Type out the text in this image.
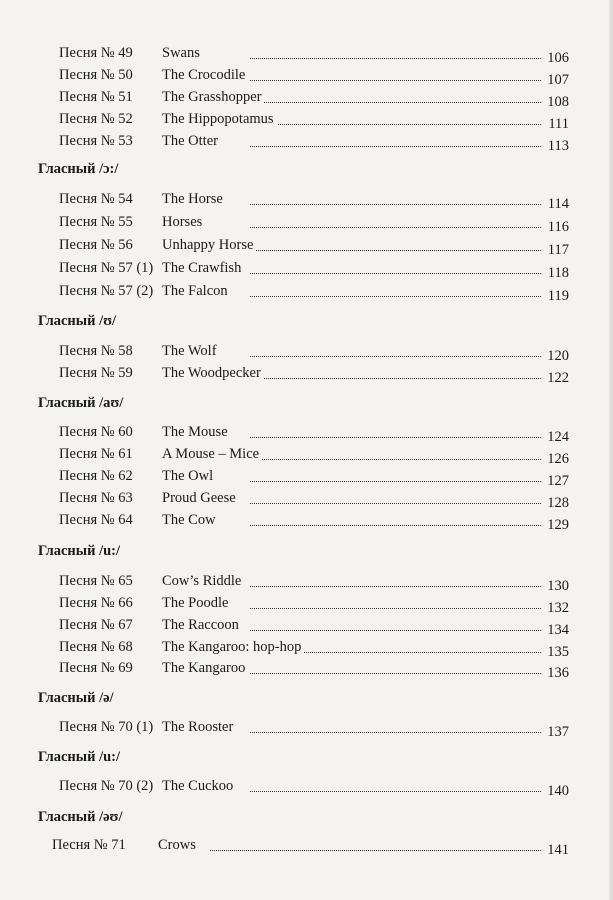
Песня № 49 Swans	106
Песня № 50 The Crocodile	107
Песня № 51 The Grasshopper	108
Песня № 52 The Hippopotamus	111
Песня № 53 The Otter	113
Гласный /ɔ:/
Песня № 54 The Horse	114
Песня № 55 Horses	116
Песня № 56 Unhappy Horse	117
Песня № 57 (1) The Crawfish	118
Песня № 57 (2) The Falcon	119
Гласный /ʊ/
Песня № 58 The Wolf	120
Песня № 59 The Woodpecker	122
Гласный /aʊ/
Песня № 60 The Mouse	124
Песня № 61 A Mouse – Mice	126
Песня № 62 The Owl	127
Песня № 63 Proud Geese	128
Песня № 64 The Cow	129
Гласный /u:/
Песня № 65 Cow’s Riddle	130
Песня № 66 The Poodle	132
Песня № 67 The Raccoon	134
Песня № 68 The Kangaroo: hop-hop	135
Песня № 69 The Kangaroo	136
Гласный /ə/
Песня № 70 (1) The Rooster	137
Гласный /u:/
Песня № 70 (2) The Cuckoo	140
Гласный /əʊ/
Песня № 71 Crows	141
